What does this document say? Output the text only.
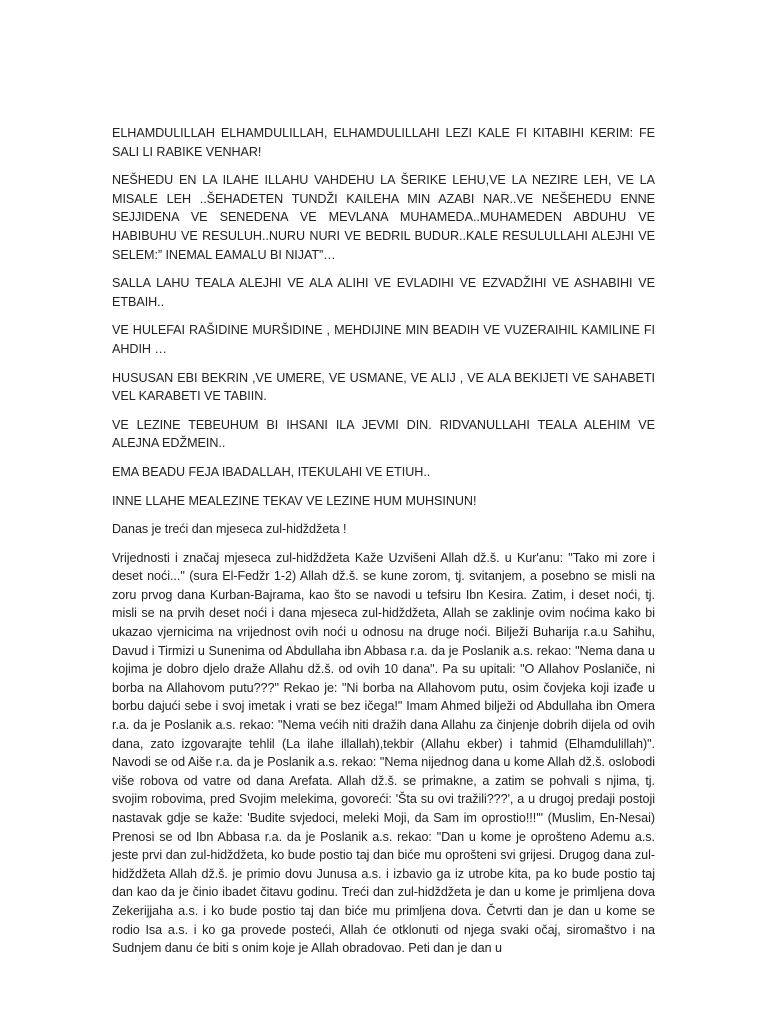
ELHAMDULILLAH ELHAMDULILLAH, ELHAMDULILLAHI LEZI KALE FI KITABIHI KERIM: FE SALI LI RABIKE VENHAR!

NEŠHEDU EN LA ILAHE ILLAHU VAHDEHU LA ŠERIKE LEHU,VE LA NEZIRE LEH, VE LA MISALE LEH ..ŠEHADETEN TUNDŽI KAILEHA MIN AZABI NAR..VE NEŠEHEDU ENNE SEJJIDENA VE SENEDENA VE MEVLANA MUHAMEDA..MUHAMEDEN ABDUHU VE HABIBUHU VE RESULUH..NURU NURI VE BEDRIL BUDUR..KALE RESULULLAHI ALEJHI VE SELEM:” INEMAL EAMALU BI NIJAT”…

SALLA LAHU TEALA ALEJHI VE ALA ALIHI VE EVLADIHI VE EZVADŽIHI VE ASHABIHI VE ETBAIH..

VE HULEFAI RAŠIDINE MURŠIDINE , MEHDIJINE MIN BEADIH VE VUZERAIHIL KAMILINE FI AHDIH …

HUSUSAN EBI BEKRIN ,VE UMERE, VE USMANE, VE ALIJ , VE ALA BEKIJETI VE SAHABETI VEL KARABETI VE TABIIN.

VE LEZINE TEBEUHUM BI IHSANI ILA JEVMI DIN. RIDVANULLAHI TEALA ALEHIM VE ALEJNA EDŽMEIN..

EMA BEADU FEJA IBADALLAH, ITEKULAHI VE ETIUH..

INNE LLAHE MEALEZINE TEKAV VE LEZINE HUM MUHSINUN!

Danas je treći dan mjeseca zul-hidždžeta !

Vrijednosti i značaj mjeseca zul-hidždžeta Kaže Uzvišeni Allah dž.š. u Kur'anu: "Tako mi zore i deset noći..." (sura El-Fedžr 1-2) Allah dž.š. se kune zorom, tj. svitanjem, a posebno se misli na zoru prvog dana Kurban-Bajrama, kao što se navodi u tefsiru Ibn Kesira. Zatim, i deset noći, tj. misli se na prvih deset noći i dana mjeseca zul-hidždžeta, Allah se zaklinje ovim noćima kako bi ukazao vjernicima na vrijednost ovih noći u odnosu na druge noći. Bilježi Buharija r.a.u Sahihu, Davud i Tirmizi u Sunenima od Abdullaha ibn Abbasa r.a. da je Poslanik a.s. rekao: "Nema dana u kojima je dobro djelo draže Allahu dž.š. od ovih 10 dana". Pa su upitali: "O Allahov Poslaniče, ni borba na Allahovom putu???" Rekao je: "Ni borba na Allahovom putu, osim čovjeka koji izađe u borbu dajući sebe i svoj imetak i vrati se bez ičega!" Imam Ahmed bilježi od Abdullaha ibn Omera r.a. da je Poslanik a.s. rekao: "Nema većih niti dražih dana Allahu za činjenje dobrih dijela od ovih dana, zato izgovarajte tehlil (La ilahe illallah),tekbir (Allahu ekber) i tahmid (Elhamdulillah)". Navodi se od Aiše r.a. da je Poslanik a.s. rekao: "Nema nijednog dana u kome Allah dž.š. oslobodi više robova od vatre od dana Arefata. Allah dž.š. se primakne, a zatim se pohvali s njima, tj. svojim robovima, pred Svojim melekima, govoreći: 'Šta su ovi tražili???', a u drugoj predaji postoji nastavak gdje se kaže: 'Budite svjedoci, meleki Moji, da Sam im oprostio!!!'" (Muslim, En-Nesai) Prenosi se od Ibn Abbasa r.a. da je Poslanik a.s. rekao: "Dan u kome je oprošteno Ademu a.s. jeste prvi dan zul-hidždžeta, ko bude postio taj dan biće mu oprošteni svi grijesi. Drugog dana zul-hidždžeta Allah dž.š. je primio dovu Junusa a.s. i izbavio ga iz utrobe kita, pa ko bude postio taj dan kao da je činio ibadet čitavu godinu. Treći dan zul-hidždžeta je dan u kome je primljena dova Zekerijjaha a.s. i ko bude postio taj dan biće mu primljena dova. Četvrti dan je dan u kome se rodio Isa a.s. i ko ga provede posteći, Allah će otklonuti od njega svaki očaj, siromaštvo i na Sudnjem danu će biti s onim koje je Allah obradovao. Peti dan je dan u
